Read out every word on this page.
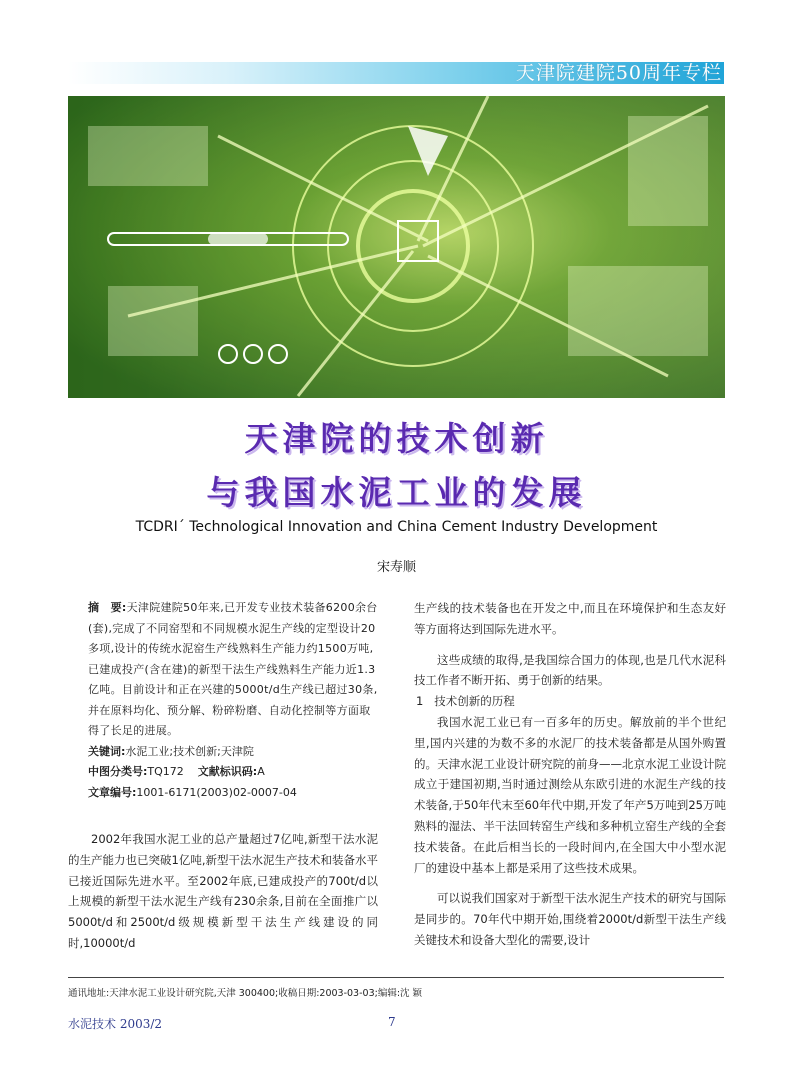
天津院建院50周年专栏
天津院的技术创新
与我国水泥工业的发展
TCDRI´ Technological Innovation and China Cement Industry Development
宋寿顺
摘　要:天津院建院50年来,已开发专业技术装备6200余台(套),完成了不同窑型和不同规模水泥生产线的定型设计20多项,设计的传统水泥窑生产线熟料生产能力约1500万吨,已建成投产(含在建)的新型干法生产线熟料生产能力近1.3亿吨。目前设计和正在兴建的5000t/d生产线已超过30条,并在原料均化、预分解、粉碎粉磨、自动化控制等方面取得了长足的进展。
关键词:水泥工业;技术创新;天津院
中图分类号:TQ172 文献标识码:A
文章编号:1001-6171(2003)02-0007-04

2002年我国水泥工业的总产量超过7亿吨,新型干法水泥的生产能力也已突破1亿吨,新型干法水泥生产技术和装备水平已接近国际先进水平。至2002年底,已建成投产的700t/d以上规模的新型干法水泥生产线有230余条,目前在全面推广以5000t/d和2500t/d级规模新型干法生产线建设的同时,10000t/d

生产线的技术装备也在开发之中,而且在环境保护和生态友好等方面将达到国际先进水平。

这些成绩的取得,是我国综合国力的体现,也是几代水泥科技工作者不断开拓、勇于创新的结果。

1 技术创新的历程

我国水泥工业已有一百多年的历史。解放前的半个世纪里,国内兴建的为数不多的水泥厂的技术装备都是从国外购置的。天津水泥工业设计研究院的前身——北京水泥工业设计院成立于建国初期,当时通过测绘从东欧引进的水泥生产线的技术装备,于50年代末至60年代中期,开发了年产5万吨到25万吨熟料的湿法、半干法回转窑生产线和多种机立窑生产线的全套技术装备。在此后相当长的一段时间内,在全国大中小型水泥厂的建设中基本上都是采用了这些技术成果。

可以说我们国家对于新型干法水泥生产技术的研究与国际是同步的。70年代中期开始,围绕着2000t/d新型干法生产线关键技术和设备大型化的需要,设计

通讯地址:天津水泥工业设计研究院,天津 300400;收稿日期:2003-03-03;编辑:沈 颖
水泥技术 2003/2	7
